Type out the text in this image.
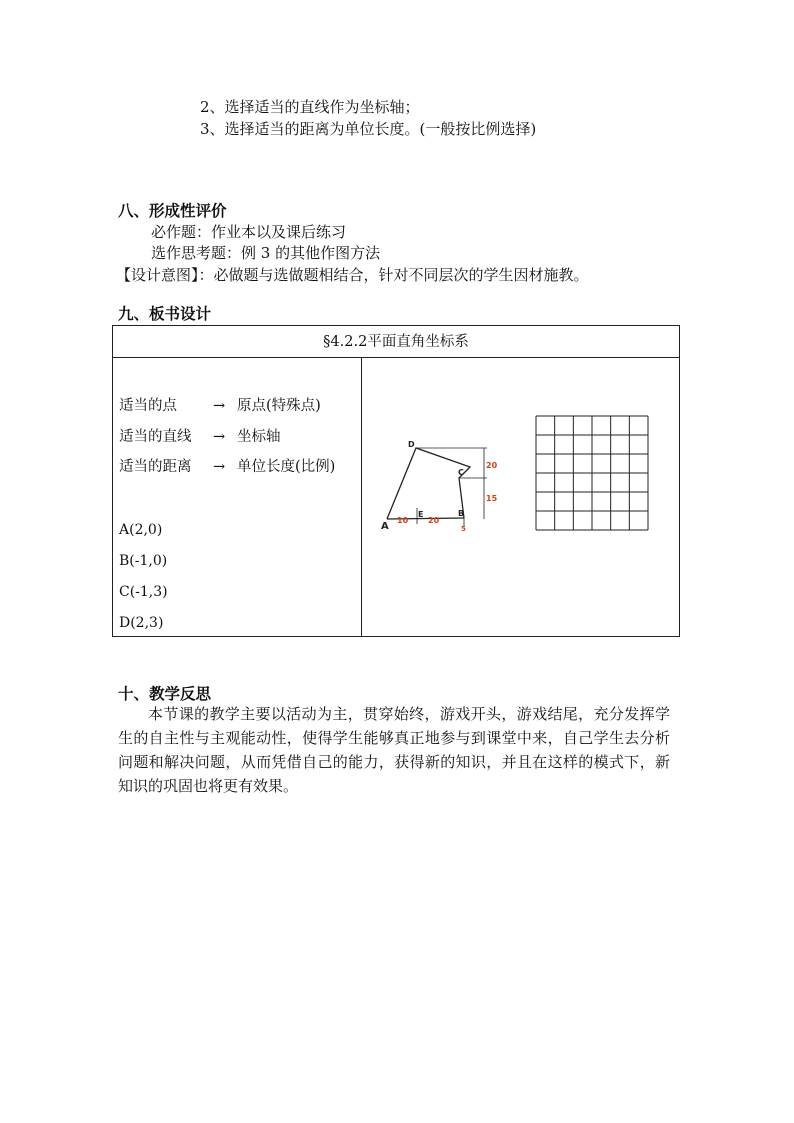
2、选择适当的直线作为坐标轴；
3、选择适当的距离为单位长度。(一般按比例选择)
八、形成性评价
必作题：作业本以及课后练习
选作思考题：例 3 的其他作图方法
【设计意图】：必做题与选做题相结合，针对不同层次的学生因材施教。
九、板书设计
§4.2.2平面直角坐标系
适当的点 → 原点(特殊点)
适当的直线 → 坐标轴
适当的距离 → 单位长度(比例)
A(2,0)
B(-1,0)
C(-1,3)
D(2,3)
D
C
E	B
A
10 20
20
15
5
十、教学反思
本节课的教学主要以活动为主，贯穿始终，游戏开头，游戏结尾，充分发挥学生的自主性与主观能动性，使得学生能够真正地参与到课堂中来，自己学生去分析问题和解决问题，从而凭借自己的能力，获得新的知识，并且在这样的模式下，新知识的巩固也将更有效果。
